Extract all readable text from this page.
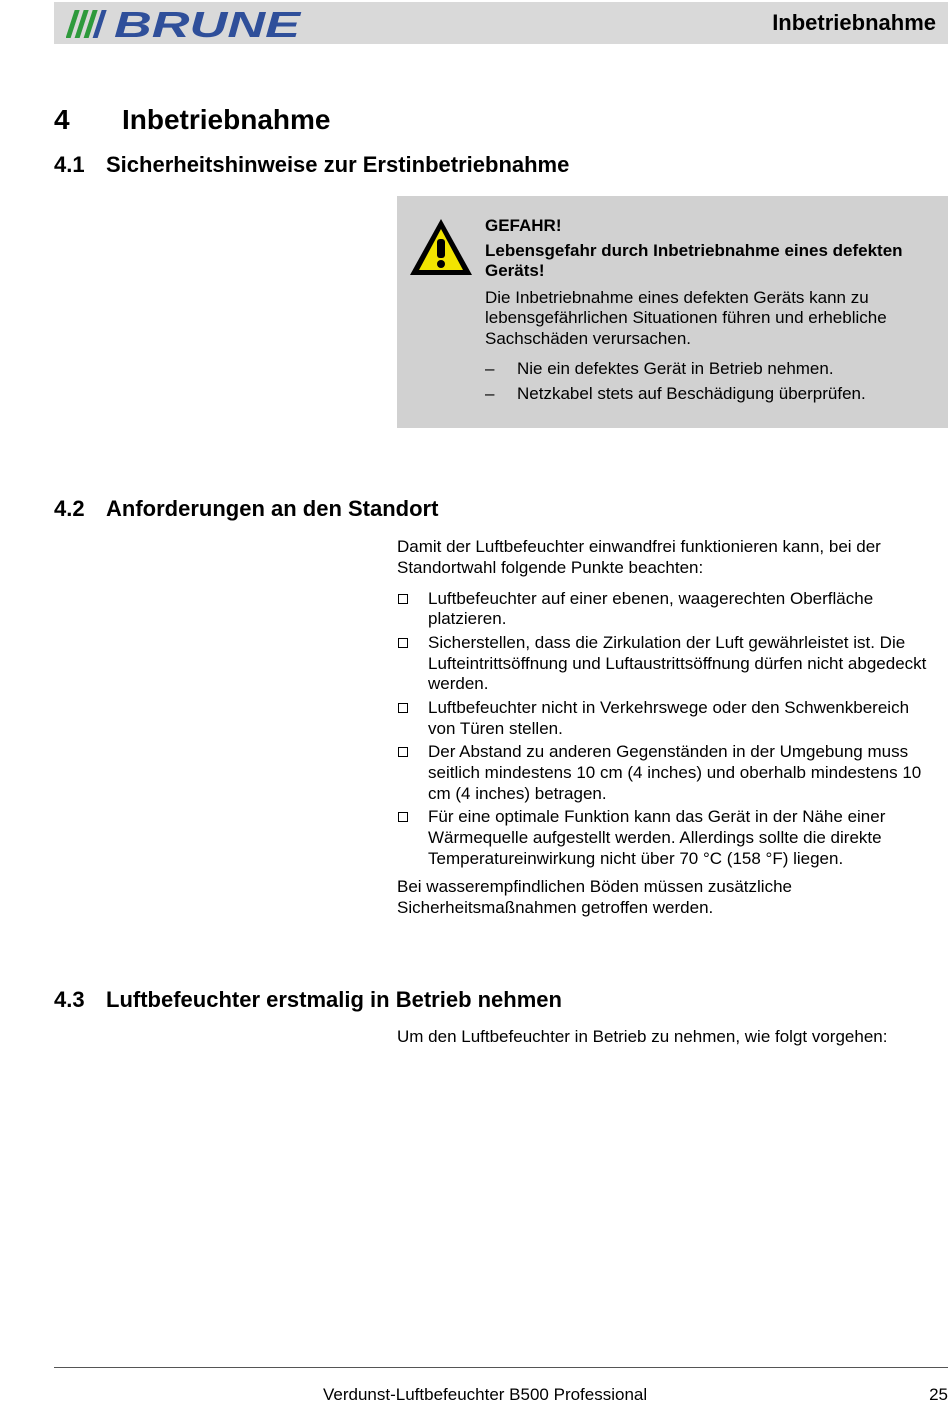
BRUNE	Inbetriebnahme
4 Inbetriebnahme
4.1 Sicherheitshinweise zur Erstinbetriebnahme
GEFAHR!
Lebensgefahr durch Inbetriebnahme eines defekten Geräts!
Die Inbetriebnahme eines defekten Geräts kann zu lebensgefährlichen Situationen führen und erhebliche Sachschäden verursachen.
– Nie ein defektes Gerät in Betrieb nehmen.
– Netzkabel stets auf Beschädigung überprüfen.
4.2 Anforderungen an den Standort

Damit der Luftbefeuchter einwandfrei funktionieren kann, bei der Standortwahl folgende Punkte beachten:

Luftbefeuchter auf einer ebenen, waagerechten Oberfläche platzieren.
Sicherstellen, dass die Zirkulation der Luft gewährleistet ist. Die Lufteintrittsöffnung und Luftaustrittsöffnung dürfen nicht abgedeckt werden.
Luftbefeuchter nicht in Verkehrswege oder den Schwenkbereich von Türen stellen.
Der Abstand zu anderen Gegenständen in der Umgebung muss seitlich mindestens 10 cm (4 inches) und oberhalb mindestens 10 cm (4 inches) betragen.
Für eine optimale Funktion kann das Gerät in der Nähe einer Wärmequelle aufgestellt werden. Allerdings sollte die direkte Temperatureinwirkung nicht über 70 °C (158 °F) liegen.

Bei wasserempfindlichen Böden müssen zusätzliche Sicherheitsmaßnahmen getroffen werden.

4.3 Luftbefeuchter erstmalig in Betrieb nehmen
Um den Luftbefeuchter in Betrieb zu nehmen, wie folgt vorgehen:
Verdunst-Luftbefeuchter B500 Professional	25
